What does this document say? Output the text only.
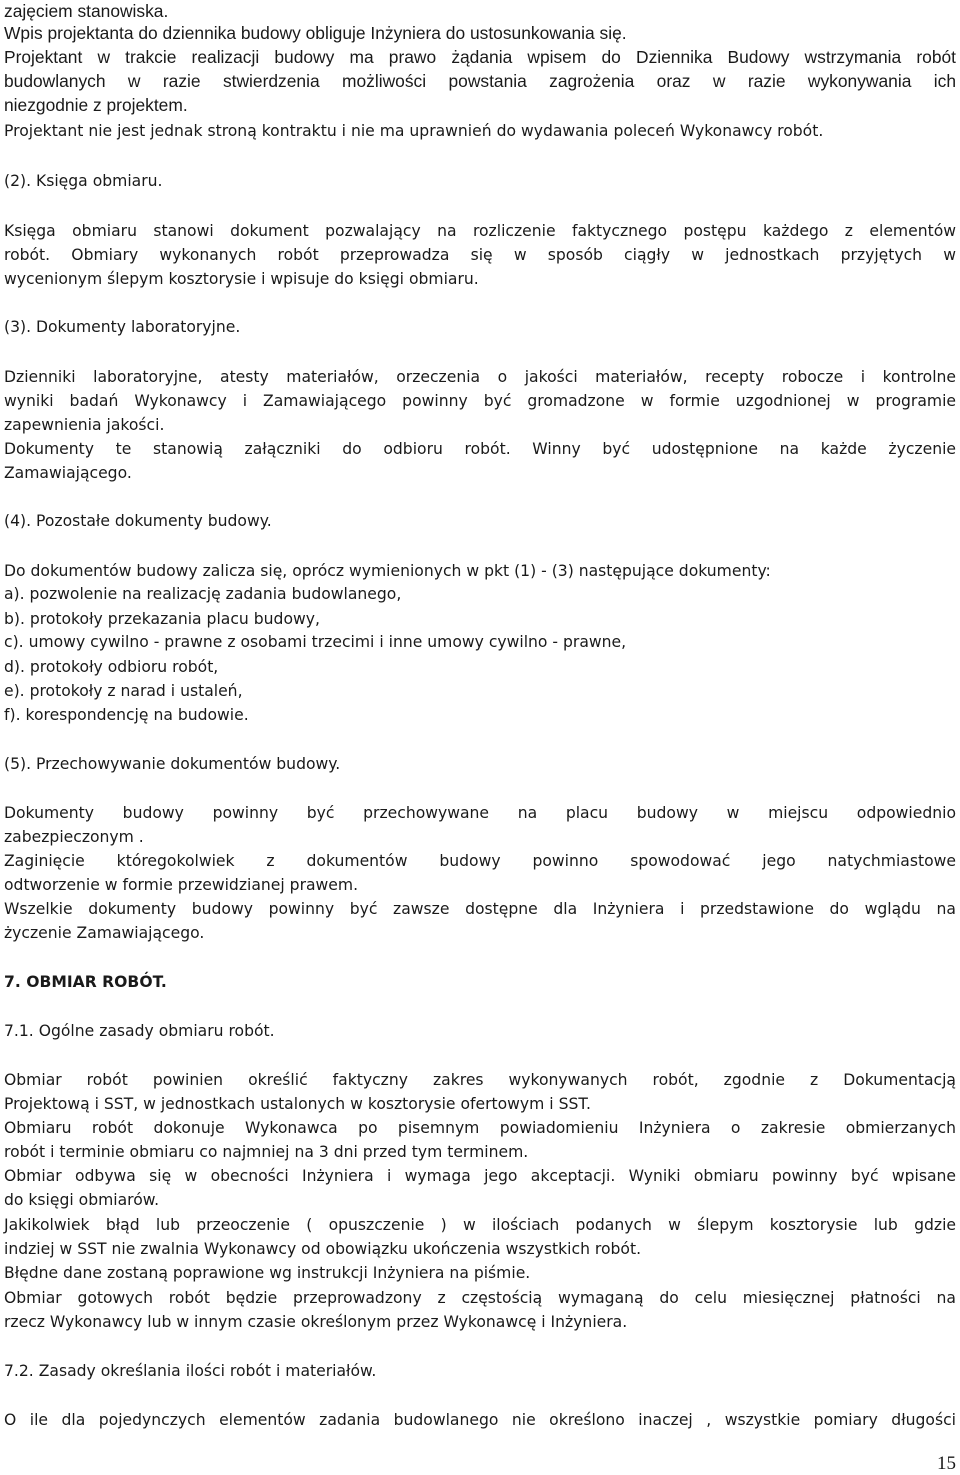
zajęciem stanowiska.
Wpis projektanta do dziennika budowy obliguje Inżyniera do ustosunkowania się.
Projektant w trakcie realizacji budowy ma prawo żądania wpisem do Dziennika Budowy wstrzymania robót
budowlanych w razie stwierdzenia możliwości powstania zagrożenia oraz w razie wykonywania ich
niezgodnie z projektem.
Projektant nie jest jednak stroną kontraktu i nie ma uprawnień do wydawania poleceń Wykonawcy robót.
(2). Księga obmiaru.
Księga obmiaru stanowi dokument pozwalający na rozliczenie faktycznego postępu każdego z elementów
robót. Obmiary wykonanych robót przeprowadza się w sposób ciągły w jednostkach przyjętych w
wycenionym ślepym kosztorysie i wpisuje do księgi obmiaru.
(3). Dokumenty laboratoryjne.
Dzienniki laboratoryjne, atesty materiałów, orzeczenia o jakości materiałów, recepty robocze i kontrolne
wyniki badań Wykonawcy i Zamawiającego powinny być gromadzone w formie uzgodnionej w programie
zapewnienia jakości.
Dokumenty te stanowią załączniki do odbioru robót. Winny być udostępnione na każde życzenie
Zamawiającego.
(4). Pozostałe dokumenty budowy.
Do dokumentów budowy zalicza się, oprócz wymienionych w pkt (1) - (3) następujące dokumenty:
a). pozwolenie na realizację zadania budowlanego,
b). protokoły przekazania placu budowy,
c). umowy cywilno - prawne z osobami trzecimi i inne umowy cywilno - prawne,
d). protokoły odbioru robót,
e). protokoły z narad i ustaleń,
f). korespondencję na budowie.
(5). Przechowywanie dokumentów budowy.
Dokumenty budowy powinny być przechowywane na placu budowy w miejscu odpowiednio
zabezpieczonym .
Zaginięcie któregokolwiek z dokumentów budowy powinno spowodować jego natychmiastowe
odtworzenie w formie przewidzianej prawem.
Wszelkie dokumenty budowy powinny być zawsze dostępne dla Inżyniera i przedstawione do wglądu na
życzenie Zamawiającego.
7. OBMIAR ROBÓT.
7.1. Ogólne zasady obmiaru robót.
Obmiar robót powinien określić faktyczny zakres wykonywanych robót, zgodnie z Dokumentacją
Projektową i SST, w jednostkach ustalonych w kosztorysie ofertowym i SST.
Obmiaru robót dokonuje Wykonawca po pisemnym powiadomieniu Inżyniera o zakresie obmierzanych
robót i terminie obmiaru co najmniej na 3 dni przed tym terminem.
Obmiar odbywa się w obecności Inżyniera i wymaga jego akceptacji. Wyniki obmiaru powinny być wpisane
do księgi obmiarów.
Jakikolwiek błąd lub przeoczenie ( opuszczenie ) w ilościach podanych w ślepym kosztorysie lub gdzie
indziej w SST nie zwalnia Wykonawcy od obowiązku ukończenia wszystkich robót.
Błędne dane zostaną poprawione wg instrukcji Inżyniera na piśmie.
Obmiar gotowych robót będzie przeprowadzony z częstością wymaganą do celu miesięcznej płatności na
rzecz Wykonawcy lub w innym czasie określonym przez Wykonawcę i Inżyniera.
7.2. Zasady określania ilości robót i materiałów.
O ile dla pojedynczych elementów zadania budowlanego nie określono inaczej , wszystkie pomiary długości
15
